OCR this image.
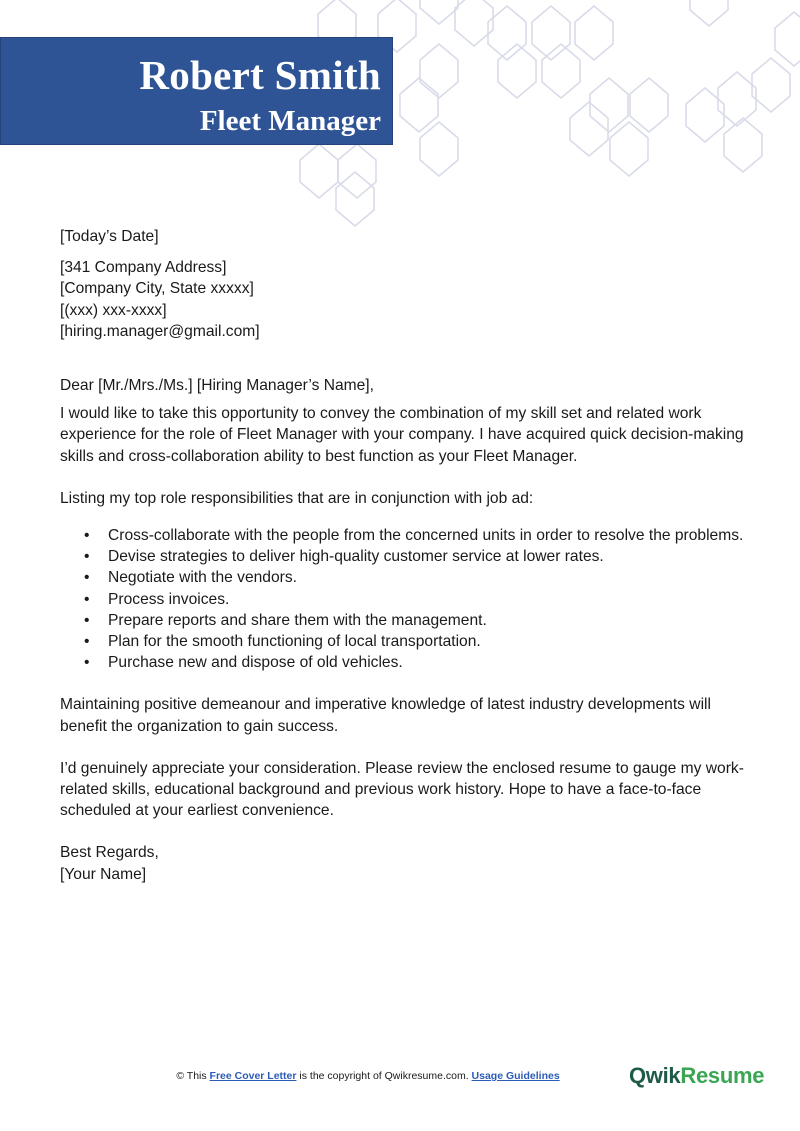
Robert Smith
Fleet Manager

[Today’s Date]

[341 Company Address]

[Company City, State xxxxx]

[(xxx) xxx-xxxx]

[hiring.manager@gmail.com]

Dear [Mr./Mrs./Ms.] [Hiring Manager’s Name],

I would like to take this opportunity to convey the combination of my skill set and related work experience for the role of Fleet Manager with your company. I have acquired quick decision-making skills and cross-collaboration ability to best function as your Fleet Manager.

Listing my top role responsibilities that are in conjunction with job ad:

• Cross-collaborate with the people from the concerned units in order to resolve the problems.
• Devise strategies to deliver high-quality customer service at lower rates.
• Negotiate with the vendors.
• Process invoices.
• Prepare reports and share them with the management.
• Plan for the smooth functioning of local transportation.
• Purchase new and dispose of old vehicles.

Maintaining positive demeanour and imperative knowledge of latest industry developments will benefit the organization to gain success.

I’d genuinely appreciate your consideration. Please review the enclosed resume to gauge my work-related skills, educational background and previous work history. Hope to have a face-to-face scheduled at your earliest convenience.

Best Regards,

[Your Name]

© This Free Cover Letter is the copyright of Qwikresume.com. Usage Guidelines	QwikResume
